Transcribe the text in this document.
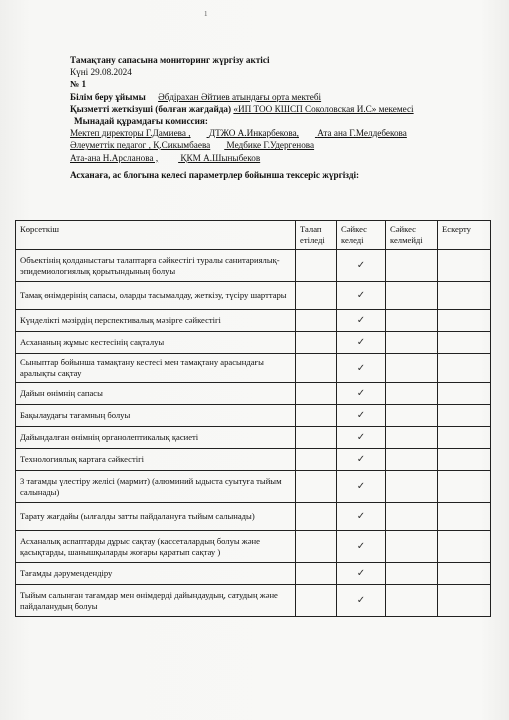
1
Тамақтану сапасына мониторинг жүргізу актісі
Күні 29.08.2024
№ 1
Білім беру ұйымы Әбдірахан Әйтиев атындағы орта мектебі
Қызметті жеткізуші (болған жағдайда) «ИП ТОО КШСП Соколовская И.С» мекемесі
Мынадай құрамдағы комиссия:
Мектеп директоры Г.Дамиева , ДТЖО А.Инкарбекова, Ата ана Г.Мелдебекова
Әлеуметтік педагог , Қ.Сикымбаева Медбике Г.Удергенова
Ата-ана Н.Арсланова , ҚКМ А.Шыныбеков
Асханаға, ас блогына келесі параметрлер бойынша тексеріс жүргізді:
Көрсеткіш	Талап етіледі	Сәйкес келеді	Сәйкес келмейді	Ескерту
Объектінің қолданыстағы талаптарға сәйкестігі туралы санитариялық-эпидемиологиялық қорытындының болуы		✓		
Тамақ өнімдерінің сапасы, оларды тасымалдау, жеткізу, түсіру шарттары		✓		
Күнделікті мәзірдің перспективалық мәзірге сәйкестігі		✓		
Асхананың жұмыс кестесінің сақталуы		✓		
Сыныптар бойынша тамақтану кестесі мен тамақтану арасындағы аралықты сақтау		✓		
Дайын өнімнің сапасы		✓		
Бақылаудағы тағамның болуы		✓		
Дайындалған өнімнің органолептикалық қасиеті		✓		
Технологиялық картаға сәйкестігі		✓		
3 тағамды үлестіру желісі (мармит) (алюминий ыдыста суытуға тыйым салынады)		✓		
Тарату жағдайы (ылғалды затты пайдалануға тыйым салынады)		✓		
Асханалық аспаптарды дұрыс сақтау (кассеталардың болуы және қасықтарды, шанышқыларды жоғары қаратып сақтау )		✓		
Тағамды дәрумендендіру		✓		
Тыйым салынған тағамдар мен өнімдерді дайындаудың, сатудың және пайдаланудың болуы		✓		
